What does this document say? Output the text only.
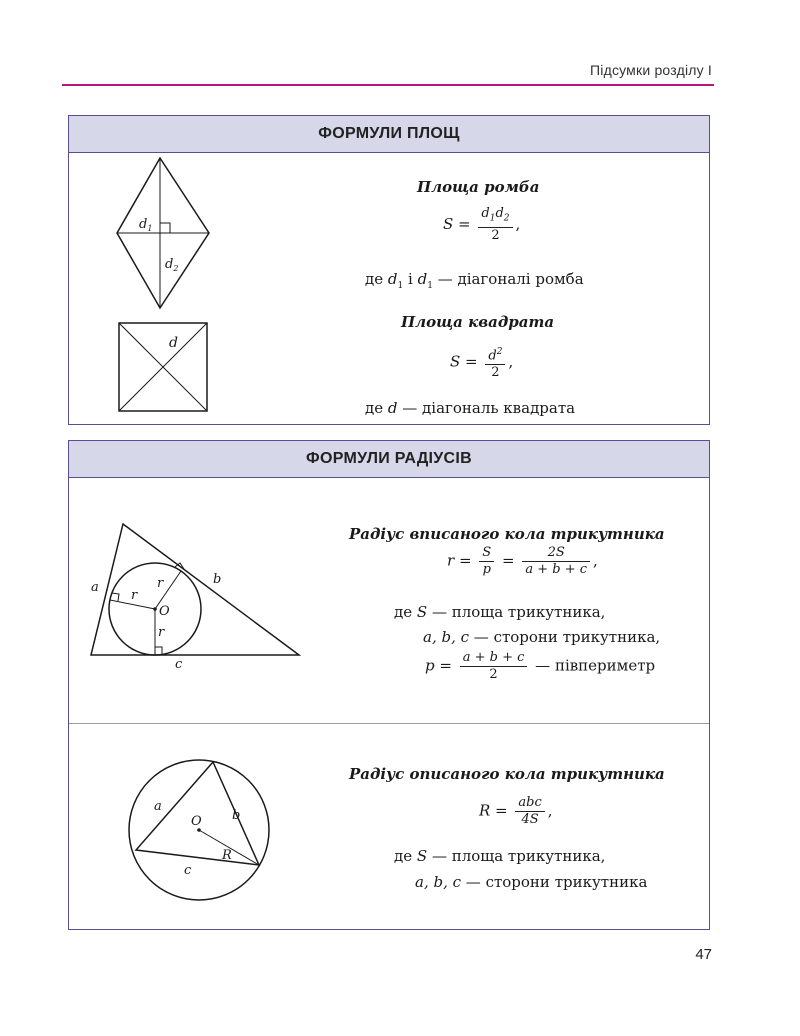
Підсумки розділу І
ФОРМУЛИ ПЛОЩ
$d_1$
$d_2$
Площа ромба
$S = \frac{d_1d_2}{2}$ ,
де $d_1$ і $d_1$ — діагоналі ромба
d
Площа квадрата
$S = \frac{d^2}{2}$ ,
де d — діагональ квадрата
ФОРМУЛИ РАДІУСІВ
a
b
c
r
r
r
O
Радіус вписаного кола трикутника
$r = \frac{S}{p} = \frac{2S}{a + b + c}$ ,
де S — площа трикутника,
a, b, c — сторони трикутника,
$p = \frac{a + b + c}{2}$ — півпериметр
a
b
c
O
R
Радіус описаного кола трикутника
$R = \frac{\text{abc}}{4S}$ ,
де S — площа трикутника,
a, b, c — сторони трикутника
47
